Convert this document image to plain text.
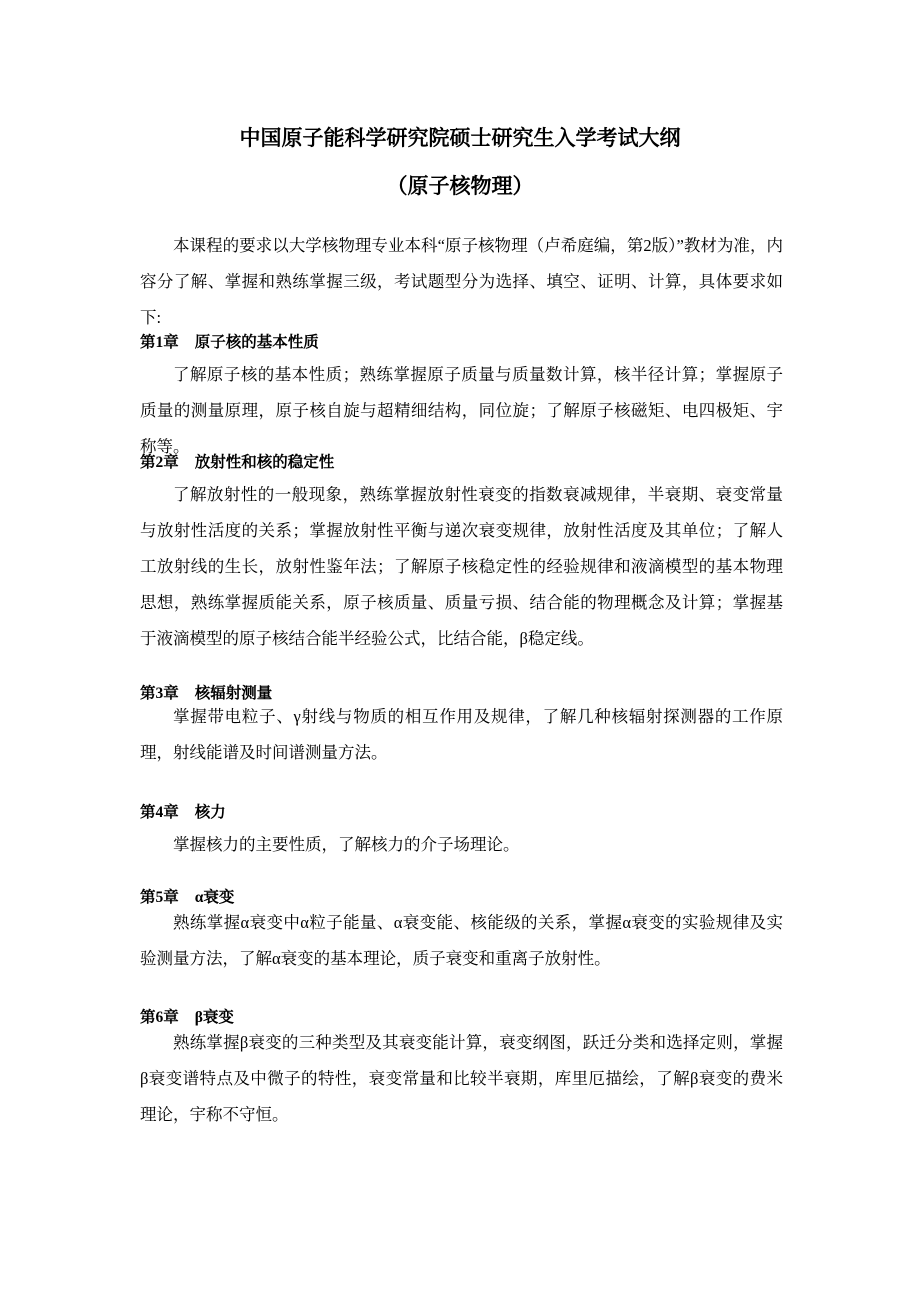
中国原子能科学研究院硕士研究生入学考试大纲
（原子核物理）

本课程的要求以大学核物理专业本科“原子核物理（卢希庭编，第2版）”教材为准，内容分了解、掌握和熟练掌握三级，考试题型分为选择、填空、证明、计算，具体要求如下:

第1章 原子核的基本性质

了解原子核的基本性质；熟练掌握原子质量与质量数计算，核半径计算；掌握原子质量的测量原理，原子核自旋与超精细结构，同位旋；了解原子核磁矩、电四极矩、宇称等。

第2章 放射性和核的稳定性

了解放射性的一般现象，熟练掌握放射性衰变的指数衰减规律，半衰期、衰变常量与放射性活度的关系；掌握放射性平衡与递次衰变规律，放射性活度及其单位；了解人工放射线的生长，放射性鉴年法；了解原子核稳定性的经验规律和液滴模型的基本物理思想，熟练掌握质能关系，原子核质量、质量亏损、结合能的物理概念及计算；掌握基于液滴模型的原子核结合能半经验公式，比结合能，β稳定线。

第3章 核辐射测量

掌握带电粒子、γ射线与物质的相互作用及规律，了解几种核辐射探测器的工作原理，射线能谱及时间谱测量方法。

第4章 核力

掌握核力的主要性质，了解核力的介子场理论。

第5章 α衰变

熟练掌握α衰变中α粒子能量、α衰变能、核能级的关系，掌握α衰变的实验规律及实验测量方法，了解α衰变的基本理论，质子衰变和重离子放射性。

第6章 β衰变

熟练掌握β衰变的三种类型及其衰变能计算，衰变纲图，跃迁分类和选择定则，掌握β衰变谱特点及中微子的特性，衰变常量和比较半衰期，库里厄描绘，了解β衰变的费米理论，宇称不守恒。
